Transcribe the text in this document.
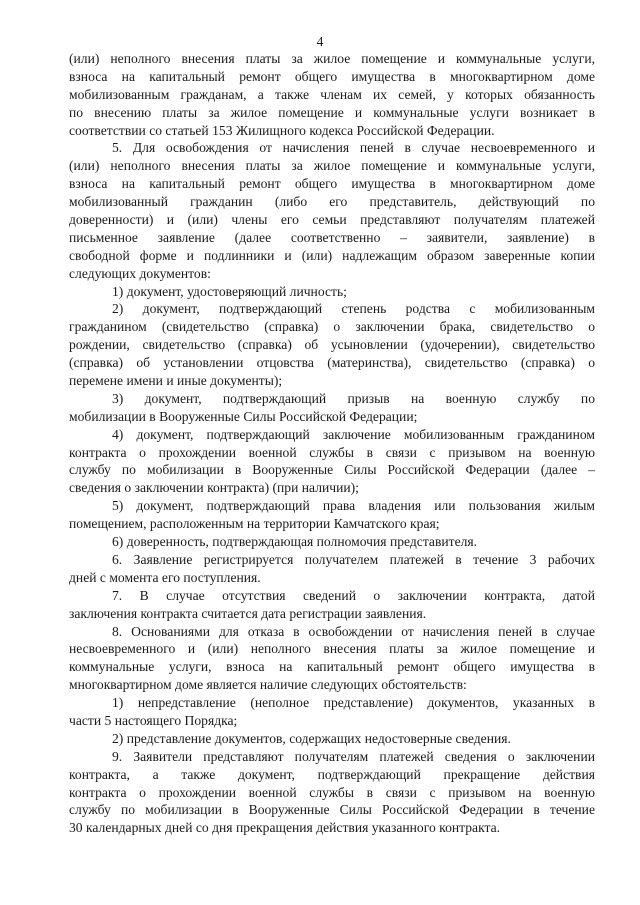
4
(или) неполного внесения платы за жилое помещение и коммунальные услуги,
взноса на капитальный ремонт общего имущества в многоквартирном доме
мобилизованным гражданам, а также членам их семей, у которых обязанность
по внесению платы за жилое помещение и коммунальные услуги возникает в
соответствии со статьей 153 Жилищного кодекса Российской Федерации.
5. Для освобождения от начисления пеней в случае несвоевременного и
(или) неполного внесения платы за жилое помещение и коммунальные услуги,
взноса на капитальный ремонт общего имущества в многоквартирном доме
мобилизованный гражданин (либо его представитель, действующий по
доверенности) и (или) члены его семьи представляют получателям платежей
письменное заявление (далее соответственно – заявители, заявление) в
свободной форме и подлинники и (или) надлежащим образом заверенные копии
следующих документов:
1) документ, удостоверяющий личность;
2) документ, подтверждающий степень родства с мобилизованным
гражданином (свидетельство (справка) о заключении брака, свидетельство о
рождении, свидетельство (справка) об усыновлении (удочерении), свидетельство
(справка) об установлении отцовства (материнства), свидетельство (справка) о
перемене имени и иные документы);
3) документ, подтверждающий призыв на военную службу по
мобилизации в Вооруженные Силы Российской Федерации;
4) документ, подтверждающий заключение мобилизованным гражданином
контракта о прохождении военной службы в связи с призывом на военную
службу по мобилизации в Вооруженные Силы Российской Федерации (далее –
сведения о заключении контракта) (при наличии);
5) документ, подтверждающий права владения или пользования жилым
помещением, расположенным на территории Камчатского края;
6) доверенность, подтверждающая полномочия представителя.
6. Заявление регистрируется получателем платежей в течение 3 рабочих
дней с момента его поступления.
7. В случае отсутствия сведений о заключении контракта, датой
заключения контракта считается дата регистрации заявления.
8. Основаниями для отказа в освобождении от начисления пеней в случае
несвоевременного и (или) неполного внесения платы за жилое помещение и
коммунальные услуги, взноса на капитальный ремонт общего имущества в
многоквартирном доме является наличие следующих обстоятельств:
1) непредставление (неполное представление) документов, указанных в
части 5 настоящего Порядка;
2) представление документов, содержащих недостоверные сведения.
9. Заявители представляют получателям платежей сведения о заключении
контракта, а также документ, подтверждающий прекращение действия
контракта о прохождении военной службы в связи с призывом на военную
службу по мобилизации в Вооруженные Силы Российской Федерации в течение
30 календарных дней со дня прекращения действия указанного контракта.
